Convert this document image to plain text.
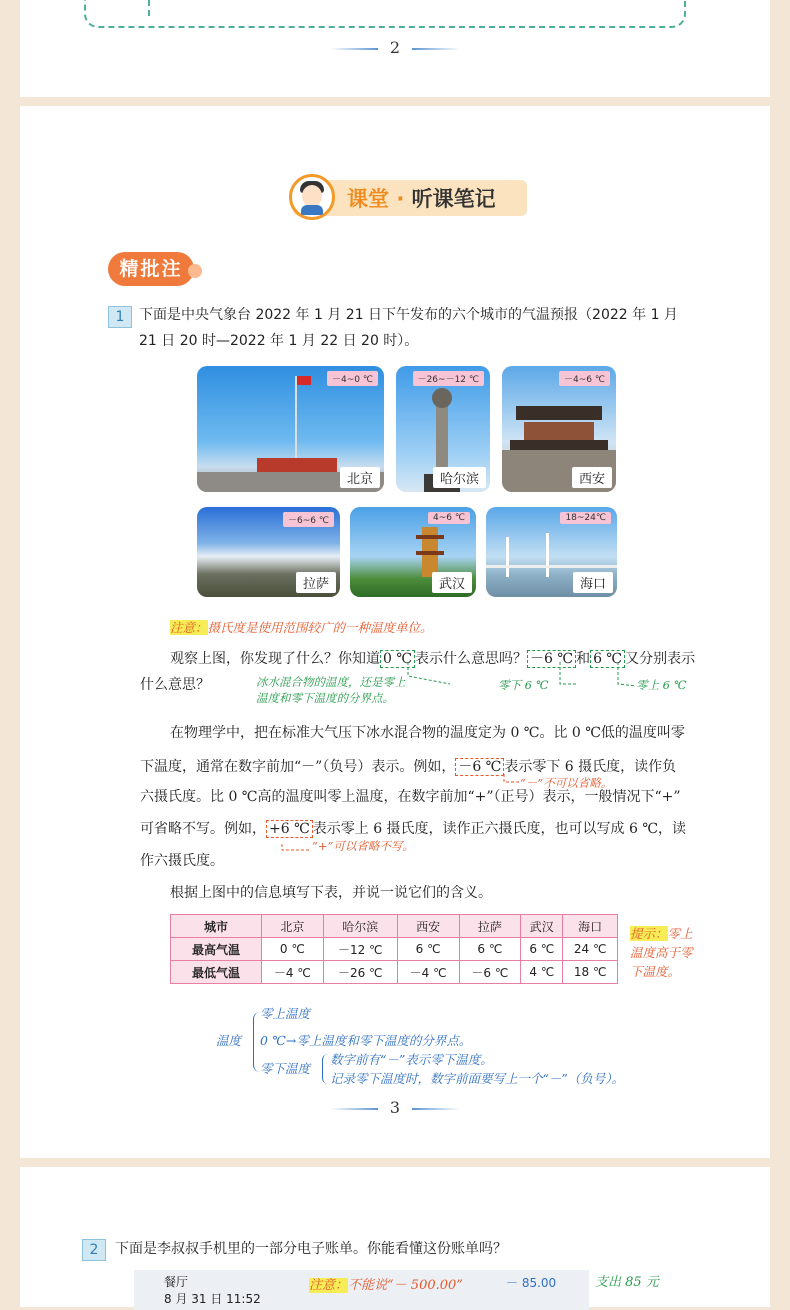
2
课堂 · 听课笔记
精批注
1	下面是中央气象台 2022 年 1 月 21 日下午发布的六个城市的气温预报（2022 年 1 月
21 日 20 时—2022 年 1 月 22 日 20 时）。
－4~0 ℃
北京
－26~－12 ℃
哈尔滨
－4~6 ℃
西安
－6~6 ℃
拉萨
4~6 ℃
武汉
18~24℃
海口
注意：摄氏度是使用范围较广的一种温度单位。
观察上图，你发现了什么？你知道 0 ℃ 表示什么意思吗？ －6 ℃ 和 6 ℃ 又分别表示
什么意思？	冰水混合物的温度，还是零上
温度和零下温度的分界点。
零下 6 ℃	零上 6 ℃
在物理学中，把在标准大气压下冰水混合物的温度定为 0 ℃。比 0 ℃低的温度叫零
下温度，通常在数字前加“－”（负号）表示。例如， －6 ℃ 表示零下 6 摄氏度，读作负
“－”不可以省略。
六摄氏度。比 0 ℃高的温度叫零上温度，在数字前加“+”（正号）表示，一般情况下“+”
可省略不写。例如， +6 ℃ 表示零上 6 摄氏度，读作正六摄氏度，也可以写成 6 ℃，读
“+”可以省略不写。
作六摄氏度。
根据上图中的信息填写下表，并说一说它们的含义。
城市	北京	哈尔滨	西安	拉萨	武汉	海口
最高气温	0 ℃	－12 ℃	6 ℃	6 ℃	6 ℃	24 ℃
最低气温	－4 ℃	－26 ℃	－4 ℃	－6 ℃	4 ℃	18 ℃
提示：零上
温度高于零
下温度。
温度
零上温度
0 ℃→零上温度和零下温度的分界点。
零下温度
数字前有“－”表示零下温度。
记录零下温度时，数字前面要写上一个“－”（负号）。
3
2	下面是李叔叔手机里的一部分电子账单。你能看懂这份账单吗？
餐厅
8 月 31 日 11:52
注意：不能说“－ 500.00”	－ 85.00	支出 85 元
